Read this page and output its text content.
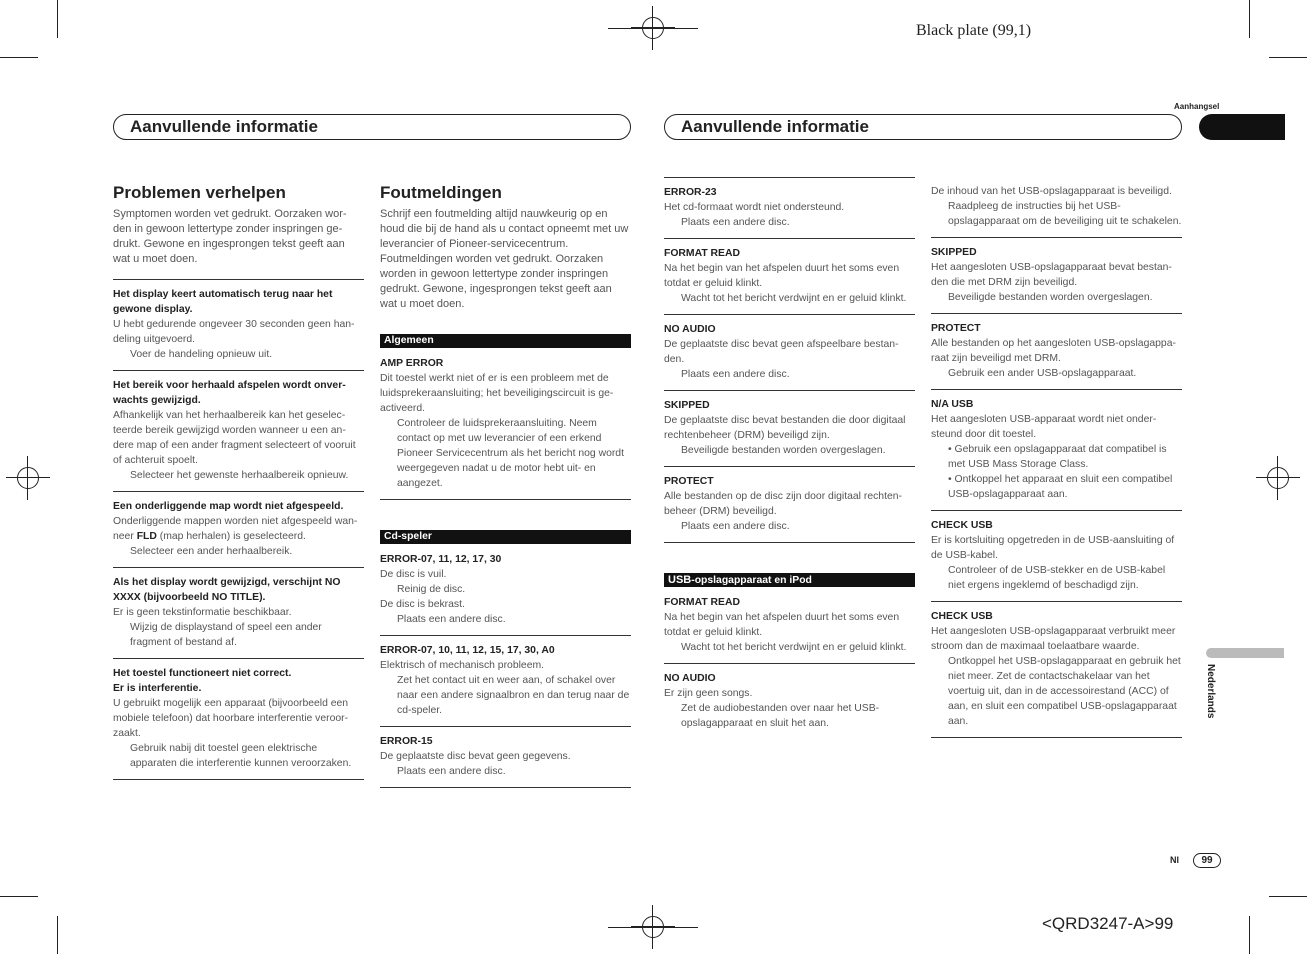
Black plate (99,1)
<QRD3247-A>99
Aanhangsel
Aanvullende informatie	Aanvullende informatie
Nederlands
Problemen verhelpen

Symptomen worden vet gedrukt. Oorzaken wor-den in gewoon lettertype zonder inspringen ge-drukt. Gewone en ingesprongen tekst geeft aan wat u moet doen.

Het display keert automatisch terug naar het gewone display.

U hebt gedurende ongeveer 30 seconden geen han-deling uitgevoerd.

Voer de handeling opnieuw uit.

Het bereik voor herhaald afspelen wordt onver-wachts gewijzigd.

Afhankelijk van het herhaalbereik kan het geselec-teerde bereik gewijzigd worden wanneer u een an-dere map of een ander fragment selecteert of vooruit of achteruit spoelt.

Selecteer het gewenste herhaalbereik opnieuw.

Een onderliggende map wordt niet afgespeeld.

Onderliggende mappen worden niet afgespeeld wan-neer FLD (map herhalen) is geselecteerd.

Selecteer een ander herhaalbereik.

Als het display wordt gewijzigd, verschijnt NO XXXX (bijvoorbeeld NO TITLE).

Er is geen tekstinformatie beschikbaar.

Wijzig de displaystand of speel een ander fragment of bestand af.

Het toestel functioneert niet correct.

Er is interferentie.

U gebruikt mogelijk een apparaat (bijvoorbeeld een mobiele telefoon) dat hoorbare interferentie veroor-zaakt.

Gebruik nabij dit toestel geen elektrische apparaten die interferentie kunnen veroorzaken.

Foutmeldingen

Schrijf een foutmelding altijd nauwkeurig op en houd die bij de hand als u contact opneemt met uw leverancier of Pioneer-servicecentrum. Foutmeldingen worden vet gedrukt. Oorzaken worden in gewoon lettertype zonder inspringen gedrukt. Gewone, ingesprongen tekst geeft aan wat u moet doen.

Algemeen

AMP ERROR

Dit toestel werkt niet of er is een probleem met de luidsprekeraansluiting; het beveiligingscircuit is ge-activeerd.

Controleer de luidsprekeraansluiting. Neem contact op met uw leverancier of een erkend Pioneer Servicecentrum als het bericht nog wordt weergegeven nadat u de motor hebt uit- en aangezet.

Cd-speler

ERROR-07, 11, 12, 17, 30

De disc is vuil.

Reinig de disc.

De disc is bekrast.

Plaats een andere disc.

ERROR-07, 10, 11, 12, 15, 17, 30, A0

Elektrisch of mechanisch probleem.

Zet het contact uit en weer aan, of schakel over naar een andere signaalbron en dan terug naar de cd-speler.

ERROR-15

De geplaatste disc bevat geen gegevens.

Plaats een andere disc.

ERROR-23

Het cd-formaat wordt niet ondersteund.

Plaats een andere disc.

FORMAT READ

Na het begin van het afspelen duurt het soms even totdat er geluid klinkt.

Wacht tot het bericht verdwijnt en er geluid klinkt.

NO AUDIO

De geplaatste disc bevat geen afspeelbare bestan-den.

Plaats een andere disc.

SKIPPED

De geplaatste disc bevat bestanden die door digitaal rechtenbeheer (DRM) beveiligd zijn.

Beveiligde bestanden worden overgeslagen.

PROTECT

Alle bestanden op de disc zijn door digitaal rechten-beheer (DRM) beveiligd.

Plaats een andere disc.

USB-opslagapparaat en iPod

FORMAT READ

Na het begin van het afspelen duurt het soms even totdat er geluid klinkt.

Wacht tot het bericht verdwijnt en er geluid klinkt.

NO AUDIO

Er zijn geen songs.

Zet de audiobestanden over naar het USB-opslagapparaat en sluit het aan.

De inhoud van het USB-opslagapparaat is beveiligd.

Raadpleeg de instructies bij het USB-opslagapparaat om de beveiliging uit te schakelen.

SKIPPED

Het aangesloten USB-opslagapparaat bevat bestan-den die met DRM zijn beveiligd.

Beveiligde bestanden worden overgeslagen.

PROTECT

Alle bestanden op het aangesloten USB-opslagappa-raat zijn beveiligd met DRM.

Gebruik een ander USB-opslagapparaat.

N/A USB

Het aangesloten USB-apparaat wordt niet onder-steund door dit toestel.

• Gebruik een opslagapparaat dat compatibel is met USB Mass Storage Class.

• Ontkoppel het apparaat en sluit een compatibel USB-opslagapparaat aan.

CHECK USB

Er is kortsluiting opgetreden in de USB-aansluiting of de USB-kabel.

Controleer of de USB-stekker en de USB-kabel niet ergens ingeklemd of beschadigd zijn.

CHECK USB

Het aangesloten USB-opslagapparaat verbruikt meer stroom dan de maximaal toelaatbare waarde.

Ontkoppel het USB-opslagapparaat en gebruik het niet meer. Zet de contactschakelaar van het voertuig uit, dan in de accessoirestand (ACC) of aan, en sluit een compatibel USB-opslagapparaat aan.

Nl	99
